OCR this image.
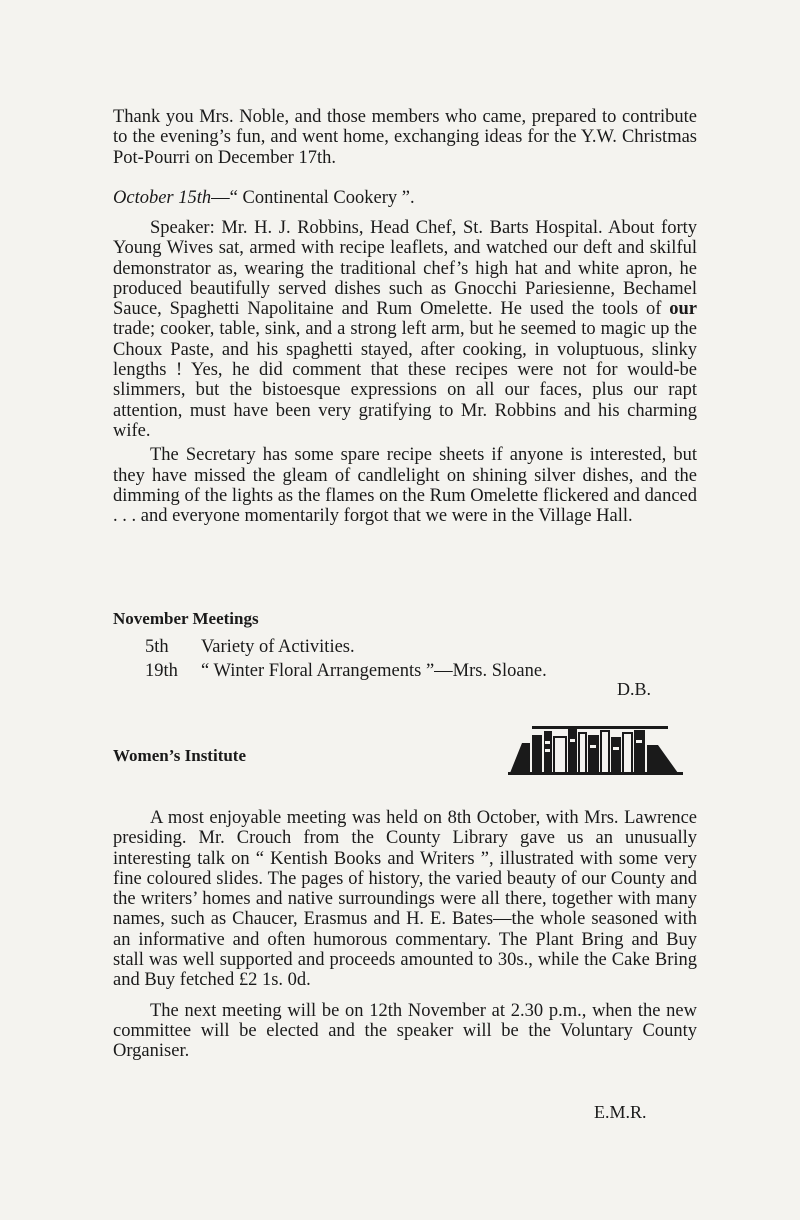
Thank you Mrs. Noble, and those members who came, prepared to contribute to the evening’s fun, and went home, exchanging ideas for the Y.W. Christmas Pot-Pourri on December 17th.

October 15th—“ Continental Cookery ”.

Speaker: Mr. H. J. Robbins, Head Chef, St. Barts Hospital. About forty Young Wives sat, armed with recipe leaflets, and watched our deft and skilful demonstrator as, wearing the traditional chef’s high hat and white apron, he produced beautifully served dishes such as Gnocchi Pariesienne, Bechamel Sauce, Spaghetti Napolitaine and Rum Omelette. He used the tools of our trade; cooker, table, sink, and a strong left arm, but he seemed to magic up the Choux Paste, and his spaghetti stayed, after cooking, in voluptuous, slinky lengths ! Yes, he did comment that these recipes were not for would-be slimmers, but the bistoesque expressions on all our faces, plus our rapt attention, must have been very gratifying to Mr. Robbins and his charming wife.

The Secretary has some spare recipe sheets if anyone is interested, but they have missed the gleam of candlelight on shining silver dishes, and the dimming of the lights as the flames on the Rum Omelette flickered and danced . . . and everyone momentarily forgot that we were in the Village Hall.

November Meetings

5th Variety of Activities.
19th “ Winter Floral Arrangements ”—Mrs. Sloane.
D.B.

Women’s Institute

A most enjoyable meeting was held on 8th October, with Mrs. Lawrence presiding. Mr. Crouch from the County Library gave us an unusually interesting talk on “ Kentish Books and Writers ”, illustrated with some very fine coloured slides. The pages of history, the varied beauty of our County and the writers’ homes and native surroundings were all there, together with many names, such as Chaucer, Erasmus and H. E. Bates—the whole seasoned with an informative and often humorous commentary. The Plant Bring and Buy stall was well supported and proceeds amounted to 30s., while the Cake Bring and Buy fetched £2 1s. 0d.

The next meeting will be on 12th November at 2.30 p.m., when the new committee will be elected and the speaker will be the Voluntary County Organiser.

E.M.R.
